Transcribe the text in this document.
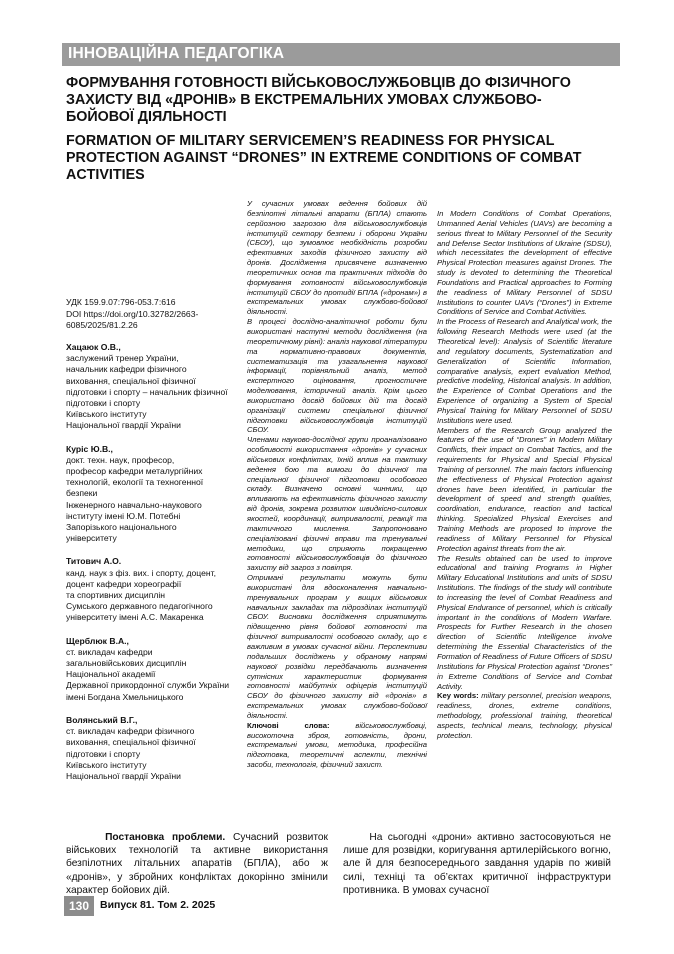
ІННОВАЦІЙНА ПЕДАГОГІКА
ФОРМУВАННЯ ГОТОВНОСТІ ВІЙСЬКОВОСЛУЖБОВЦІВ ДО ФІЗИЧНОГО ЗАХИСТУ ВІД «ДРОНІВ» В ЕКСТРЕМАЛЬНИХ УМОВАХ СЛУЖБОВО-БОЙОВОЇ ДІЯЛЬНОСТІ
FORMATION OF MILITARY SERVICEMEN’S READINESS FOR PHYSICAL PROTECTION AGAINST “DRONES” IN EXTREME CONDITIONS OF COMBAT ACTIVITIES
УДК 159.9.07:796-053.7:616
DOI https://doi.org/10.32782/2663-6085/2025/81.2.26
Хацаюк О.В.,
заслужений тренер України,
начальник кафедри фізичного
виховання, спеціальної фізичної
підготовки і спорту – начальник фізичної
підготовки і спорту
Київського інституту
Національної гвардії України
Курiс Ю.В.,
докт. техн. наук, професор,
професор кафедри металургійних
технологій, екології та техногенної
безпеки
Інженерного навчально-наукового
інституту імені Ю.М. Потебні
Запорізького національного
університету
Титович А.О.
канд. наук з фіз. вих. і спорту, доцент,
доцент кафедри хореографії
та спортивних дисциплін
Сумського державного педагогічного
університету імені А.С. Макаренка
Щерблюк В.А.,
ст. викладач кафедри
загальновійськових дисциплін
Національної академії
Державної прикордонної служби України
імені Богдана Хмельницького
Волянський В.Г.,
ст. викладач кафедри фізичного
виховання, спеціальної фізичної
підготовки і спорту
Київського інституту
Національної гвардії України

У сучасних умовах ведення бойових дій безпілотні літальні апарати (БПЛА) стають серйозною загрозою для військовослужбовців інституцій сектору безпеки і оборони України (СБОУ), що зумовлює необхідність розробки ефективних заходів фізичного захисту від дронів. Дослідження присвячене визначенню теоретичних основ та практичних підходів до формування готовності військовослужбовців інституцій СБОУ до протидії БПЛА («дронам») в екстремальних умовах службово-бойової діяльності.

В процесі дослідно-аналітичної роботи були використані наступні методи дослідження (на теоретичному рівні): аналіз наукової літератури та нормативно-правових документів, систематизація та узагальнення наукової інформації, порівняльний аналіз, метод експертного оцінювання, прогностичне моделювання, історичний аналіз. Крім цього використано досвід бойових дій та досвід організації системи спеціальної фізичної підготовки військовослужбовців інституцій СБОУ.

Членами науково-дослідної групи проаналізовано особливості використання «дронів» у сучасних військових конфліктах, їхній вплив на тактику ведення бою та вимоги до фізичної та спеціальної фізичної підготовки особового складу. Визначено основні чинники, що впливають на ефективність фізичного захисту від дронів, зокрема розвиток швидкісно-силових якостей, координації, витривалості, реакції та тактичного мислення. Запропоновано спеціалізовані фізичні вправи та тренувальні методики, що сприяють покращенню готовності військовослужбовців до фізичного захисту від загроз з повітря.

Отримані результати можуть бути використані для вдосконалення навчально-тренувальних програм у вищих військових навчальних закладах та підрозділах інституцій СБОУ. Висновки дослідження сприятимуть підвищенню рівня бойової готовності та фізичної витривалості особового складу, що є важливим в умовах сучасної війни. Перспективи подальших досліджень у обраному напрямі наукової розвідки передбачають визначення сутнісних характеристик формування готовності майбутніх офіцерів інституцій СБОУ до фізичного захисту від «дронів» в екстремальних умовах службово-бойової діяльності.

Ключові слова:	військовослужбовці, високоточна зброя, готовність, дрони, екстремальні умови, методика, професійна підготовка, теоретичні аспекти, технічні засоби, технологія, фізичний захист.

In Modern Conditions of Combat Operations, Unmanned Aerial Vehicles (UAVs) are becoming a serious threat to Military Personnel of the Security and Defense Sector Institutions of Ukraine (SDSU), which necessitates the development of effective Physical Protection measures against Drones. The study is devoted to determining the Theoretical Foundations and Practical approaches to Forming the readiness of Military Personnel of SDSU Institutions to counter UAVs (“Drones”) in Extreme Conditions of Service and Combat Activities.

In the Process of Research and Analytical work, the following Research Methods were used (at the Theoretical level): Analysis of Scientific literature and regulatory documents, Systematization and Generalization of Scientific Information, comparative analysis, expert evaluation Method, predictive modeling, Historical analysis. In addition, the Experience of Combat Operations and the Experience of organizing a System of Special Physical Training for Military Personnel of SDSU Institutions were used.

Members of the Research Group analyzed the features of the use of “Drones” in Modern Military Conflicts, their impact on Combat Tactics, and the requirements for Physical and Special Physical Training of personnel. The main factors influencing the effectiveness of Physical Protection against drones have been identified, in particular the development of speed and strength qualities, coordination, endurance, reaction and tactical thinking. Specialized Physical Exercises and Training Methods are proposed to improve the readiness of Military Personnel for Physical Protection against threats from the air.

The Results obtained can be used to improve educational and training Programs in Higher Military Educational Institutions and units of SDSU Institutions. The findings of the study will contribute to increasing the level of Combat Readiness and Physical Endurance of personnel, which is critically important in the conditions of Modern Warfare. Prospects for Further Research in the chosen direction of Scientific Intelligence involve determining the Essential Characteristics of the Formation of Readiness of Future Officers of SDSU Institutions for Physical Protection against “Drones” in Extreme Conditions of Service and Combat Activity.

Key words: military personnel, precision weapons, readiness, drones, extreme conditions, methodology, professional training, theoretical aspects, technical means, technology, physical protection.

Постановка проблеми. Сучасний розвиток військових технологій та активне використання безпілотних літальних апаратів (БПЛА), або ж «дронів», у збройних конфліктах докорінно змінили характер бойових дій.

На сьогодні «дрони» активно застосовуються не лише для розвідки, коригування артилерійського вогню, але й для безпосереднього завдання ударів по живій силі, техніці та об’єктах критичної інфраструктури противника. В умовах сучасної

130	Випуск 81. Том 2. 2025
